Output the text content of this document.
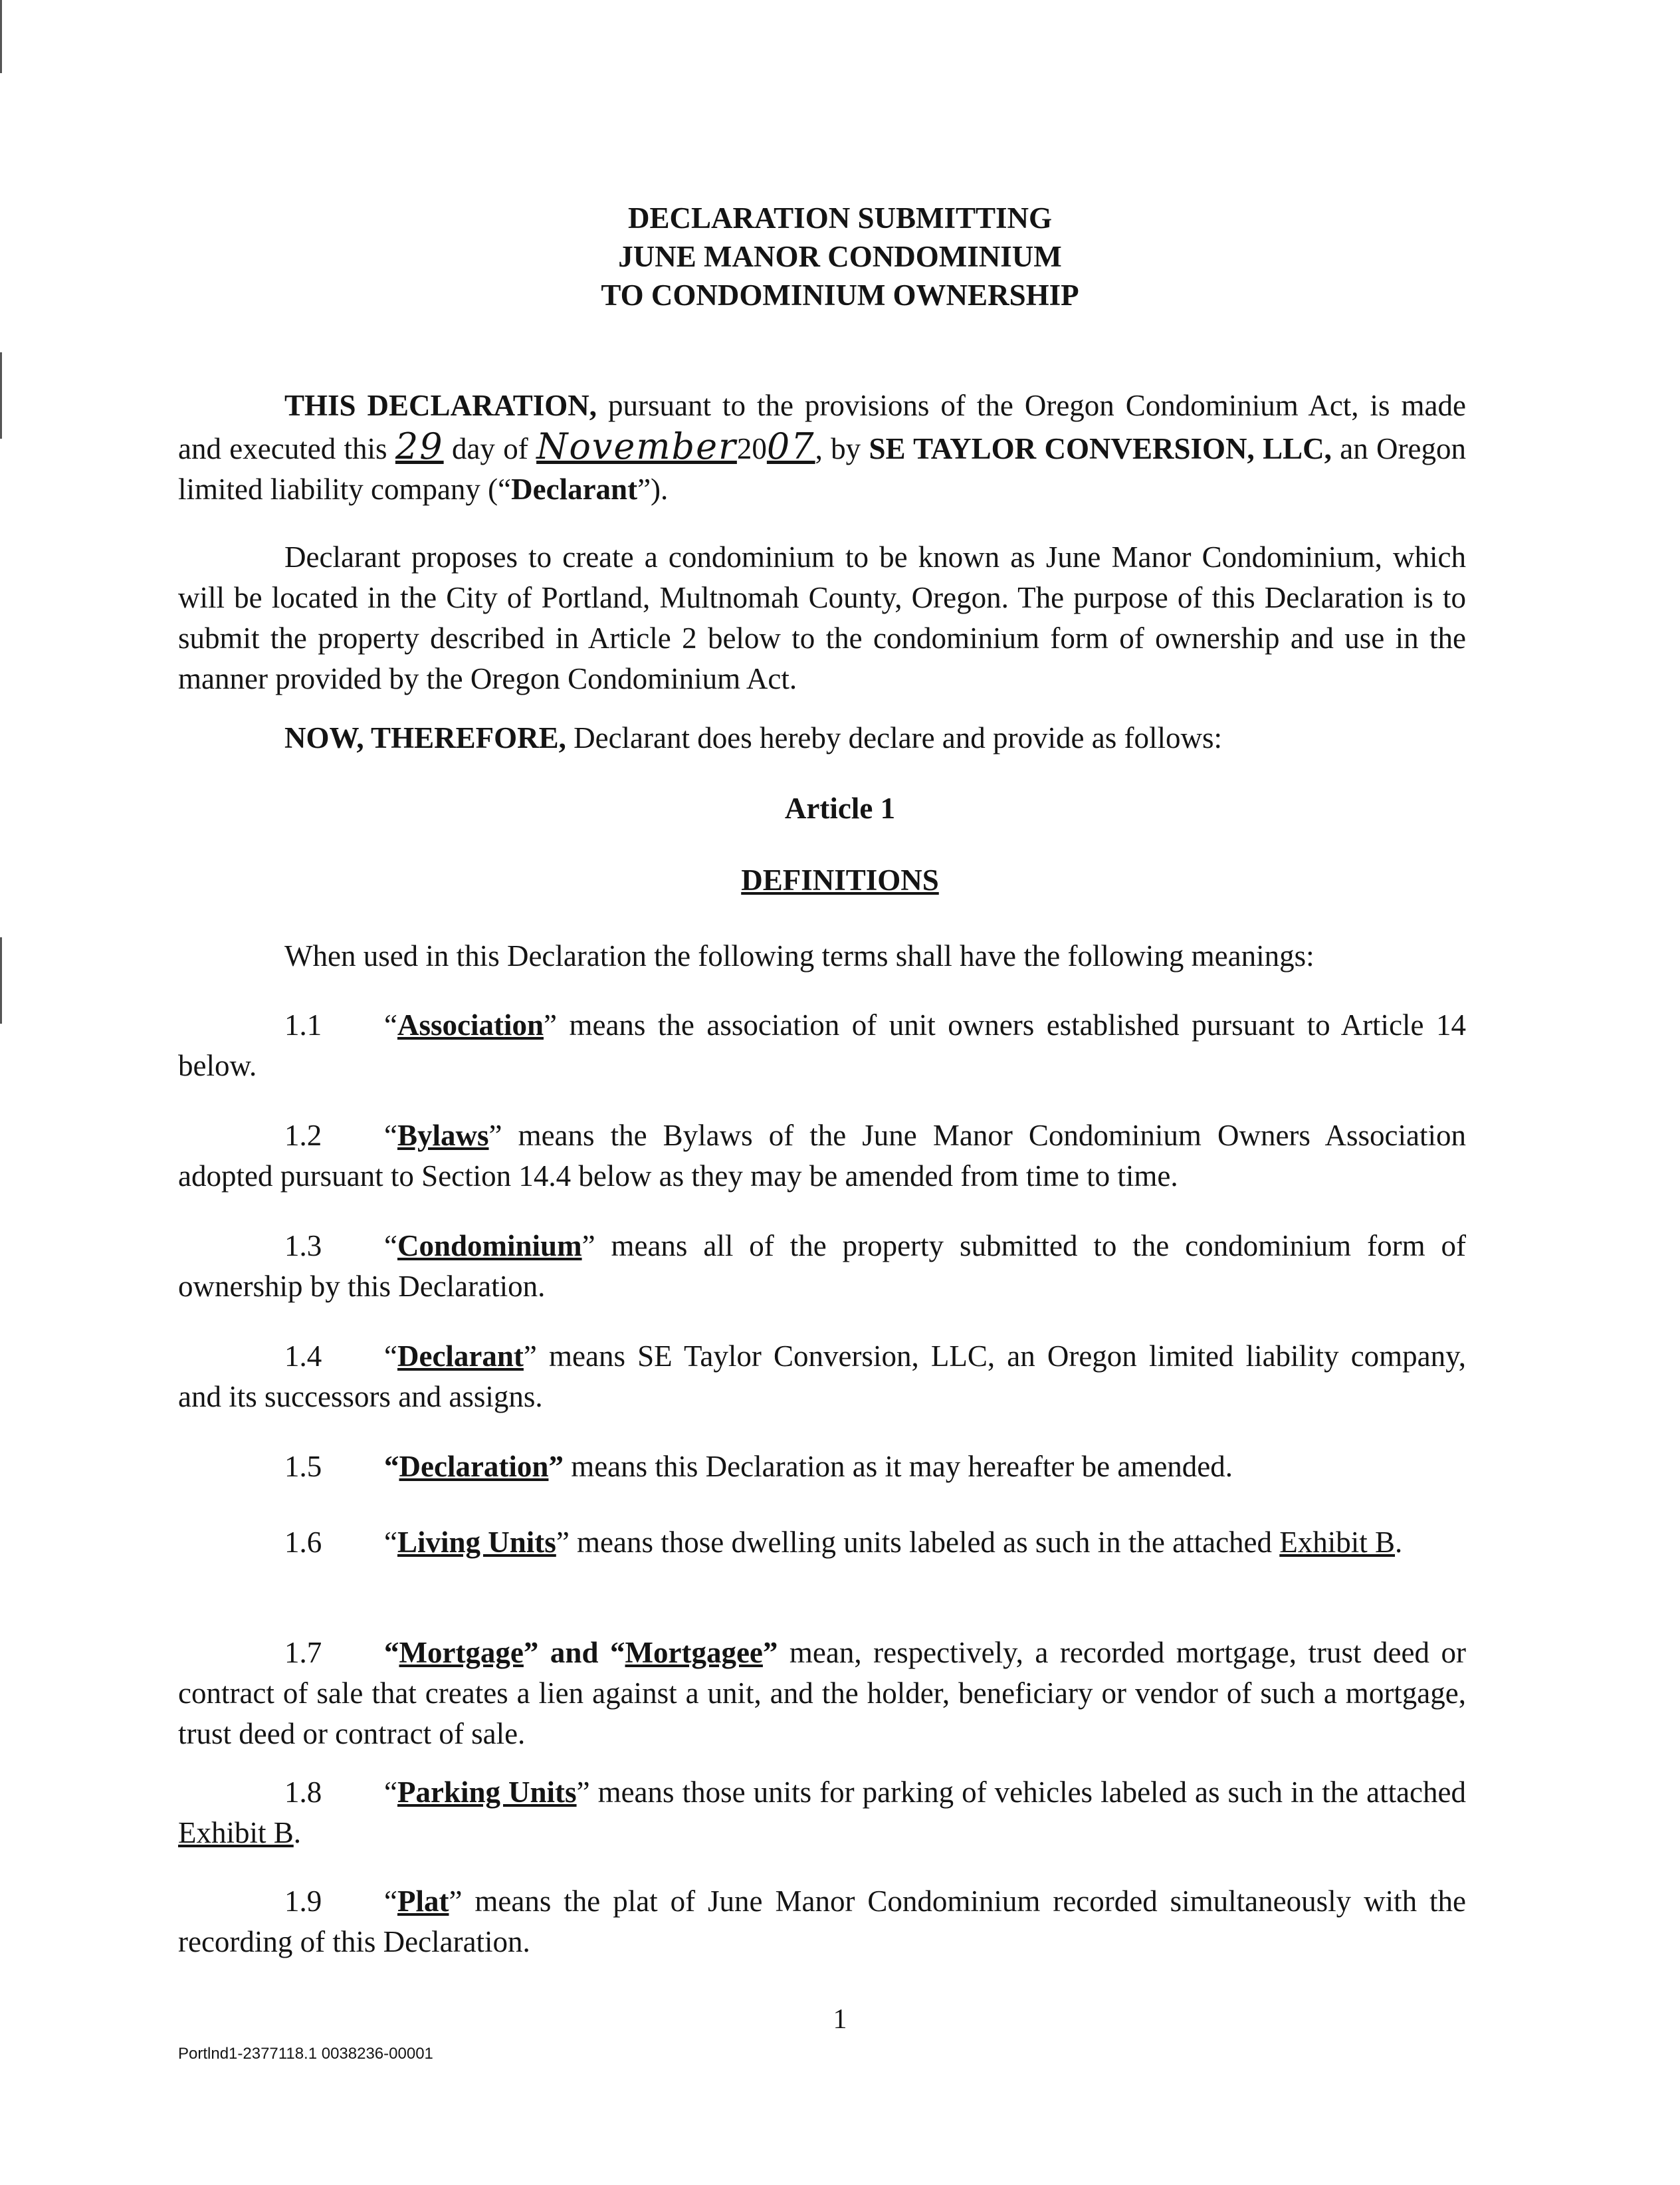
DECLARATION SUBMITTING
JUNE MANOR CONDOMINIUM
TO CONDOMINIUM OWNERSHIP

THIS DECLARATION, pursuant to the provisions of the Oregon Condominium Act, is made and executed this 29 day of November2007, by SE TAYLOR CONVERSION, LLC, an Oregon limited liability company (“Declarant”).

Declarant proposes to create a condominium to be known as June Manor Condominium, which will be located in the City of Portland, Multnomah County, Oregon. The purpose of this Declaration is to submit the property described in Article 2 below to the condominium form of ownership and use in the manner provided by the Oregon Condominium Act.

NOW, THEREFORE, Declarant does hereby declare and provide as follows:

Article 1
DEFINITIONS

When used in this Declaration the following terms shall have the following meanings:

1.1 “Association” means the association of unit owners established pursuant to Article 14 below.

1.2 “Bylaws” means the Bylaws of the June Manor Condominium Owners Association adopted pursuant to Section 14.4 below as they may be amended from time to time.

1.3 “Condominium” means all of the property submitted to the condominium form of ownership by this Declaration.

1.4 “Declarant” means SE Taylor Conversion, LLC, an Oregon limited liability company, and its successors and assigns.

1.5 “Declaration” means this Declaration as it may hereafter be amended.

1.6 “Living Units” means those dwelling units labeled as such in the attached Exhibit B.

1.7 “Mortgage” and “Mortgagee” mean, respectively, a recorded mortgage, trust deed or contract of sale that creates a lien against a unit, and the holder, beneficiary or vendor of such a mortgage, trust deed or contract of sale.

1.8 “Parking Units” means those units for parking of vehicles labeled as such in the attached Exhibit B.

1.9 “Plat” means the plat of June Manor Condominium recorded simultaneously with the recording of this Declaration.

1
Portlnd1-2377118.1 0038236-00001
